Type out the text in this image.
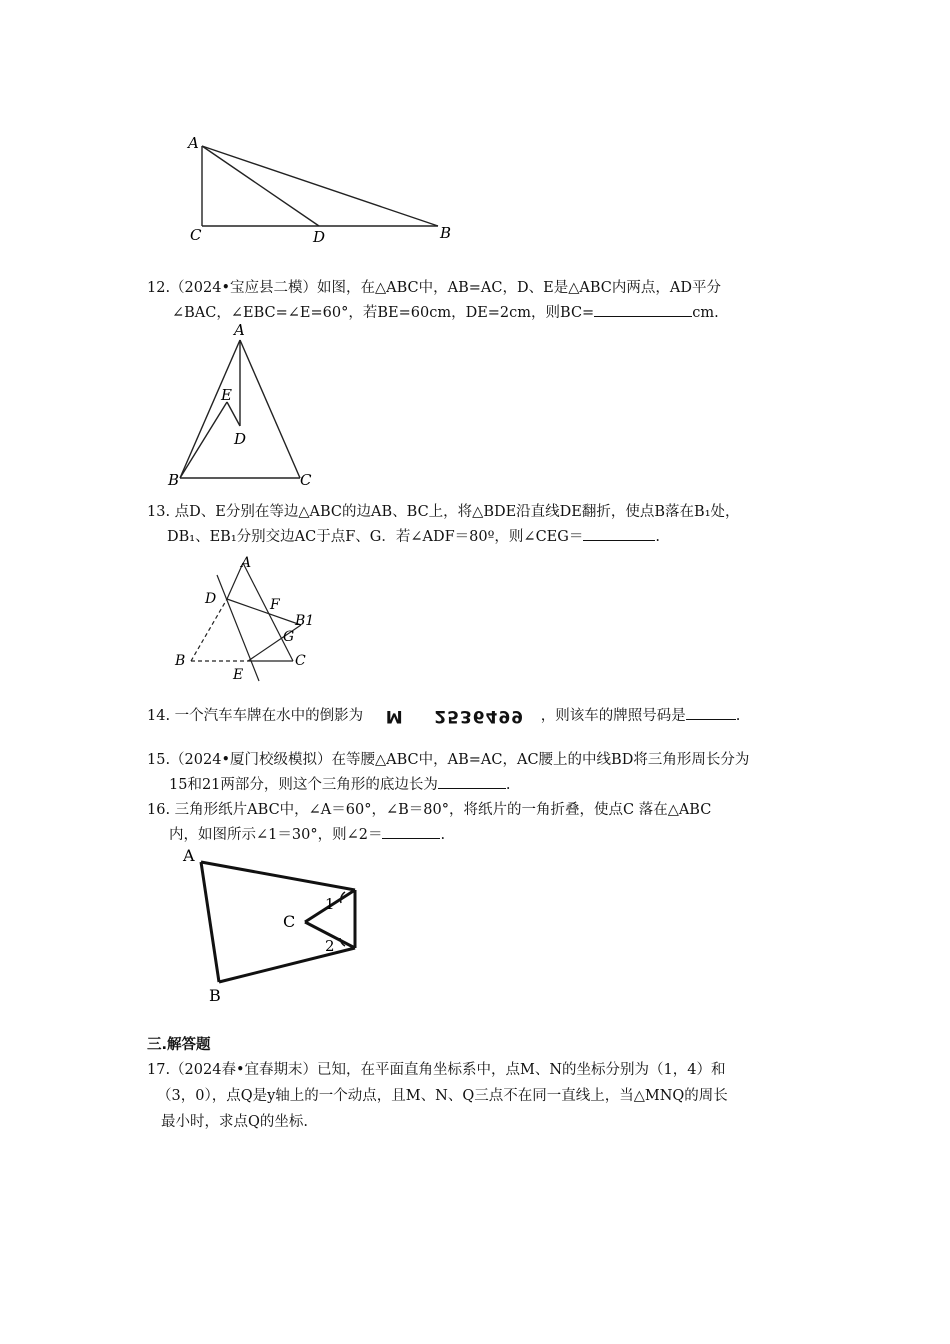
A
C	D	B
12.（2024•宝应县二模）如图，在△ABC中，AB=AC，D、E是△ABC内两点，AD平分
∠BAC，∠EBC=∠E=60°，若BE=60cm，DE=2cm，则BC=	cm.
A
E
D
B	C
13. 点D、E分别在等边△ABC的边AB、BC上，将△BDE沿直线DE翻折，使点B落在B₁处，
DB₁、EB₁分别交边AC于点F、G．若∠ADF＝80º，则∠CEG＝	.
A
D	F
B1
G
B	C
E
14. 一个汽车车牌在水中的倒影为 M 2536499 ，则该车的牌照号码是	.
15.（2024•厦门校级模拟）在等腰△ABC中，AB=AC，AC腰上的中线BD将三角形周长分为
15和21两部分，则这个三角形的底边长为	.
16. 三角形纸片ABC中，∠A＝60°，∠B＝80°，将纸片的一角折叠，使点C 落在△ABC
内，如图所示∠1＝30°，则∠2＝	.
A
B
C
1
2
三.解答题
17.（2024春•宜春期末）已知，在平面直角坐标系中，点M、N的坐标分别为（1，4）和
（3，0），点Q是y轴上的一个动点，且M、N、Q三点不在同一直线上，当△MNQ的周长
最小时，求点Q的坐标.
